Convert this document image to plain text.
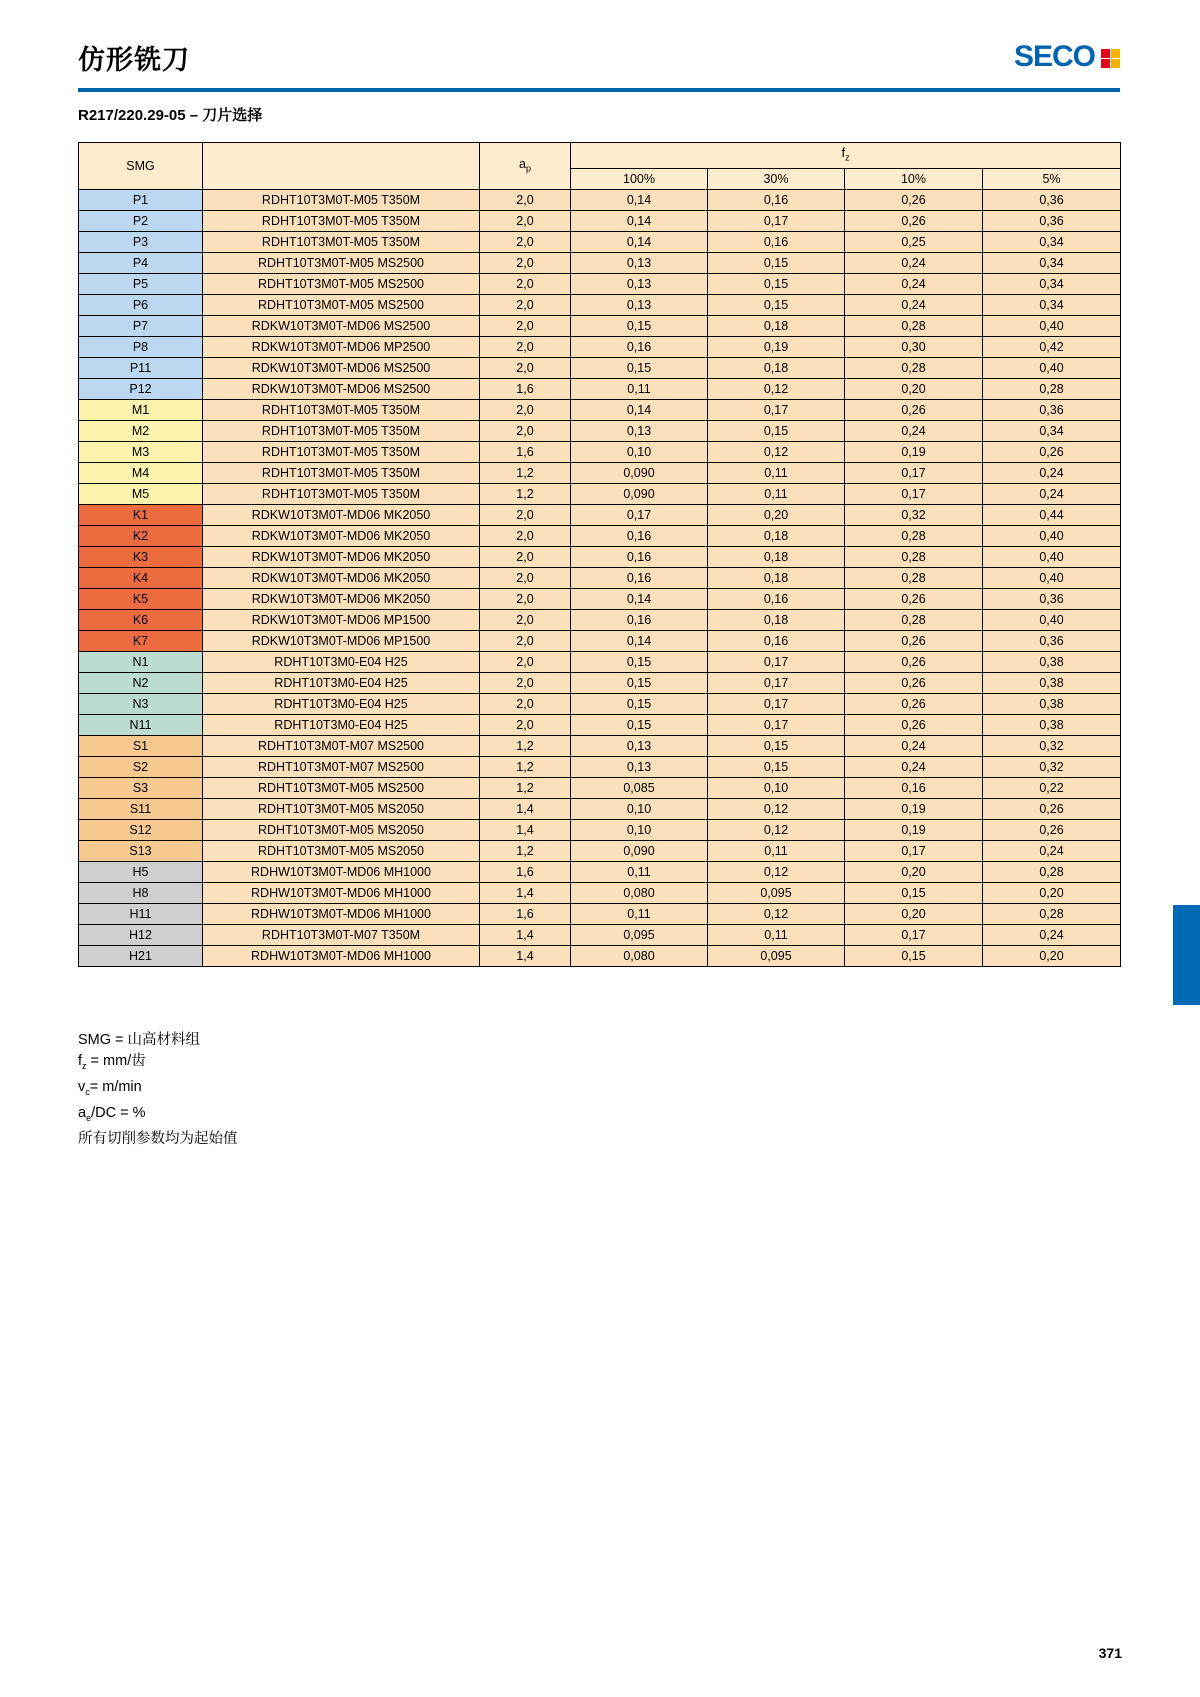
仿形铣刀	SECO
R217/220.29-05 – 刀片选择
SMG		$a_p$	$f_z$
			100%	30%	10%	5%
P1	RDHT10T3M0T-M05 T350M	2,0	0,14	0,16	0,26	0,36
P2	RDHT10T3M0T-M05 T350M	2,0	0,14	0,17	0,26	0,36
P3	RDHT10T3M0T-M05 T350M	2,0	0,14	0,16	0,25	0,34
P4	RDHT10T3M0T-M05 MS2500	2,0	0,13	0,15	0,24	0,34
P5	RDHT10T3M0T-M05 MS2500	2,0	0,13	0,15	0,24	0,34
P6	RDHT10T3M0T-M05 MS2500	2,0	0,13	0,15	0,24	0,34
P7	RDKW10T3M0T-MD06 MS2500	2,0	0,15	0,18	0,28	0,40
P8	RDKW10T3M0T-MD06 MP2500	2,0	0,16	0,19	0,30	0,42
P11	RDKW10T3M0T-MD06 MS2500	2,0	0,15	0,18	0,28	0,40
P12	RDKW10T3M0T-MD06 MS2500	1,6	0,11	0,12	0,20	0,28
M1	RDHT10T3M0T-M05 T350M	2,0	0,14	0,17	0,26	0,36
M2	RDHT10T3M0T-M05 T350M	2,0	0,13	0,15	0,24	0,34
M3	RDHT10T3M0T-M05 T350M	1,6	0,10	0,12	0,19	0,26
M4	RDHT10T3M0T-M05 T350M	1,2	0,090	0,11	0,17	0,24
M5	RDHT10T3M0T-M05 T350M	1,2	0,090	0,11	0,17	0,24
K1	RDKW10T3M0T-MD06 MK2050	2,0	0,17	0,20	0,32	0,44
K2	RDKW10T3M0T-MD06 MK2050	2,0	0,16	0,18	0,28	0,40
K3	RDKW10T3M0T-MD06 MK2050	2,0	0,16	0,18	0,28	0,40
K4	RDKW10T3M0T-MD06 MK2050	2,0	0,16	0,18	0,28	0,40
K5	RDKW10T3M0T-MD06 MK2050	2,0	0,14	0,16	0,26	0,36
K6	RDKW10T3M0T-MD06 MP1500	2,0	0,16	0,18	0,28	0,40
K7	RDKW10T3M0T-MD06 MP1500	2,0	0,14	0,16	0,26	0,36
N1	RDHT10T3M0-E04 H25	2,0	0,15	0,17	0,26	0,38
N2	RDHT10T3M0-E04 H25	2,0	0,15	0,17	0,26	0,38
N3	RDHT10T3M0-E04 H25	2,0	0,15	0,17	0,26	0,38
N11	RDHT10T3M0-E04 H25	2,0	0,15	0,17	0,26	0,38
S1	RDHT10T3M0T-M07 MS2500	1,2	0,13	0,15	0,24	0,32
S2	RDHT10T3M0T-M07 MS2500	1,2	0,13	0,15	0,24	0,32
S3	RDHT10T3M0T-M05 MS2500	1,2	0,085	0,10	0,16	0,22
S11	RDHT10T3M0T-M05 MS2050	1,4	0,10	0,12	0,19	0,26
S12	RDHT10T3M0T-M05 MS2050	1,4	0,10	0,12	0,19	0,26
S13	RDHT10T3M0T-M05 MS2050	1,2	0,090	0,11	0,17	0,24
H5	RDHW10T3M0T-MD06 MH1000	1,6	0,11	0,12	0,20	0,28
H8	RDHW10T3M0T-MD06 MH1000	1,4	0,080	0,095	0,15	0,20
H11	RDHW10T3M0T-MD06 MH1000	1,6	0,11	0,12	0,20	0,28
H12	RDHT10T3M0T-M07 T350M	1,4	0,095	0,11	0,17	0,24
H21	RDHW10T3M0T-MD06 MH1000	1,4	0,080	0,095	0,15	0,20
SMG = 山高材料组
$f_z = mm/$齿
$v_c= m/\min$
$a_e/DC$ = %
所有切削参数均为起始值
371
